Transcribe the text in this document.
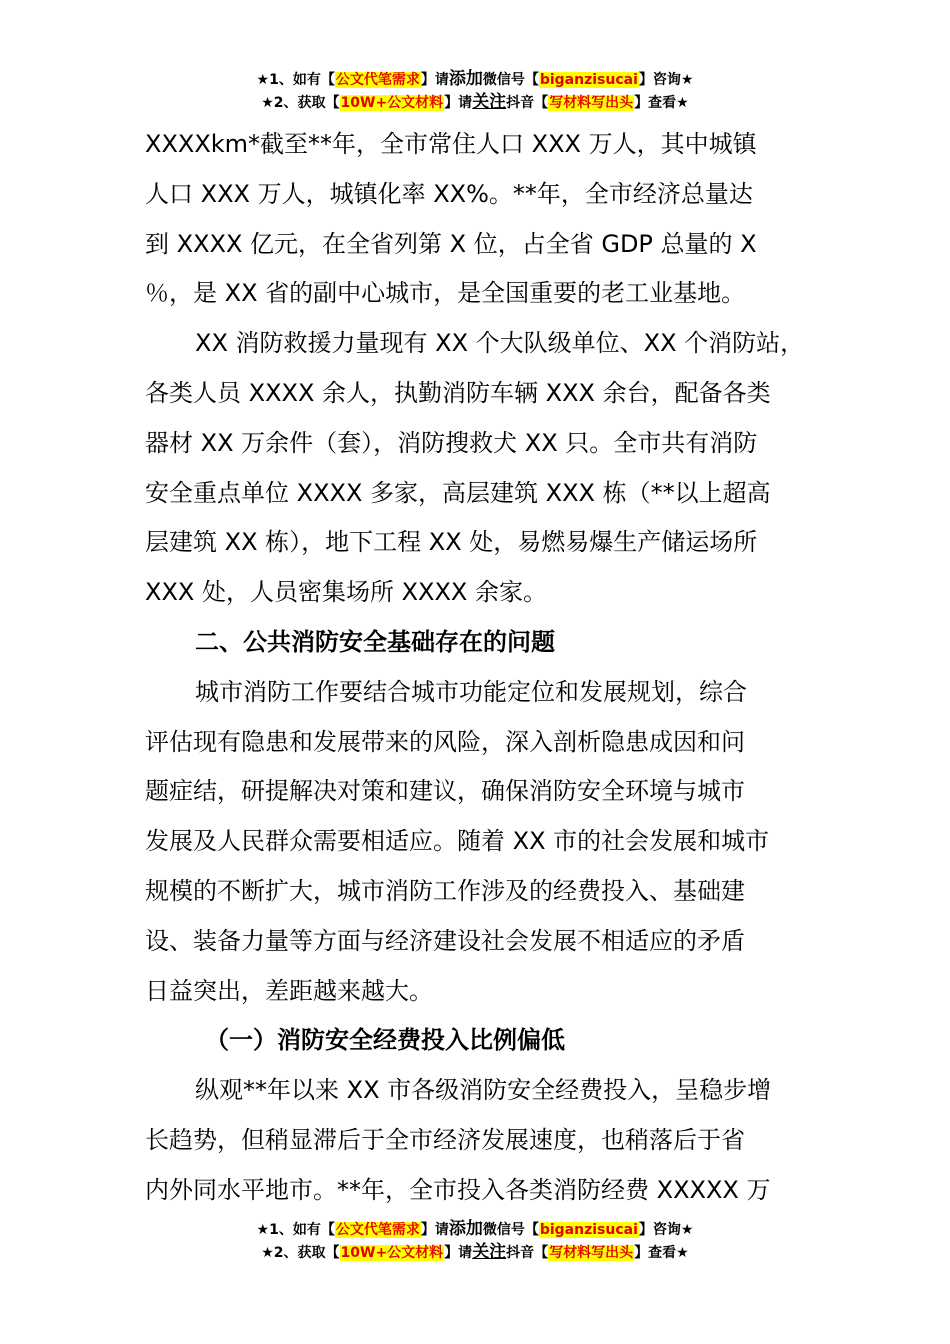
★1、如有【公文代笔需求】请添加微信号【biganzisucai】咨询★
★2、获取【10W+公文材料】请关注抖音【写材料写出头】查看★
XXXXkm*截至**年，全市常住人口 XXX 万人，其中城镇
人口 XXX 万人，城镇化率 XX%。**年，全市经济总量达
到 XXXX 亿元，在全省列第 X 位，占全省 GDP 总量的 X
％，是 XX 省的副中心城市，是全国重要的老工业基地。
XX 消防救援力量现有 XX 个大队级单位、XX 个消防站，
各类人员 XXXX 余人，执勤消防车辆 XXX 余台，配备各类
器材 XX 万余件（套），消防搜救犬 XX 只。全市共有消防
安全重点单位 XXXX 多家，高层建筑 XXX 栋（**以上超高
层建筑 XX 栋），地下工程 XX 处，易燃易爆生产储运场所
XXX 处，人员密集场所 XXXX 余家。
二、公共消防安全基础存在的问题
城市消防工作要结合城市功能定位和发展规划，综合
评估现有隐患和发展带来的风险，深入剖析隐患成因和问
题症结，研提解决对策和建议，确保消防安全环境与城市
发展及人民群众需要相适应。随着 XX 市的社会发展和城市
规模的不断扩大，城市消防工作涉及的经费投入、基础建
设、装备力量等方面与经济建设社会发展不相适应的矛盾
日益突出，差距越来越大。
（一）消防安全经费投入比例偏低
纵观**年以来 XX 市各级消防安全经费投入，呈稳步增
长趋势，但稍显滞后于全市经济发展速度，也稍落后于省
内外同水平地市。**年，全市投入各类消防经费 XXXXX 万
★1、如有【公文代笔需求】请添加微信号【biganzisucai】咨询★
★2、获取【10W+公文材料】请关注抖音【写材料写出头】查看★
